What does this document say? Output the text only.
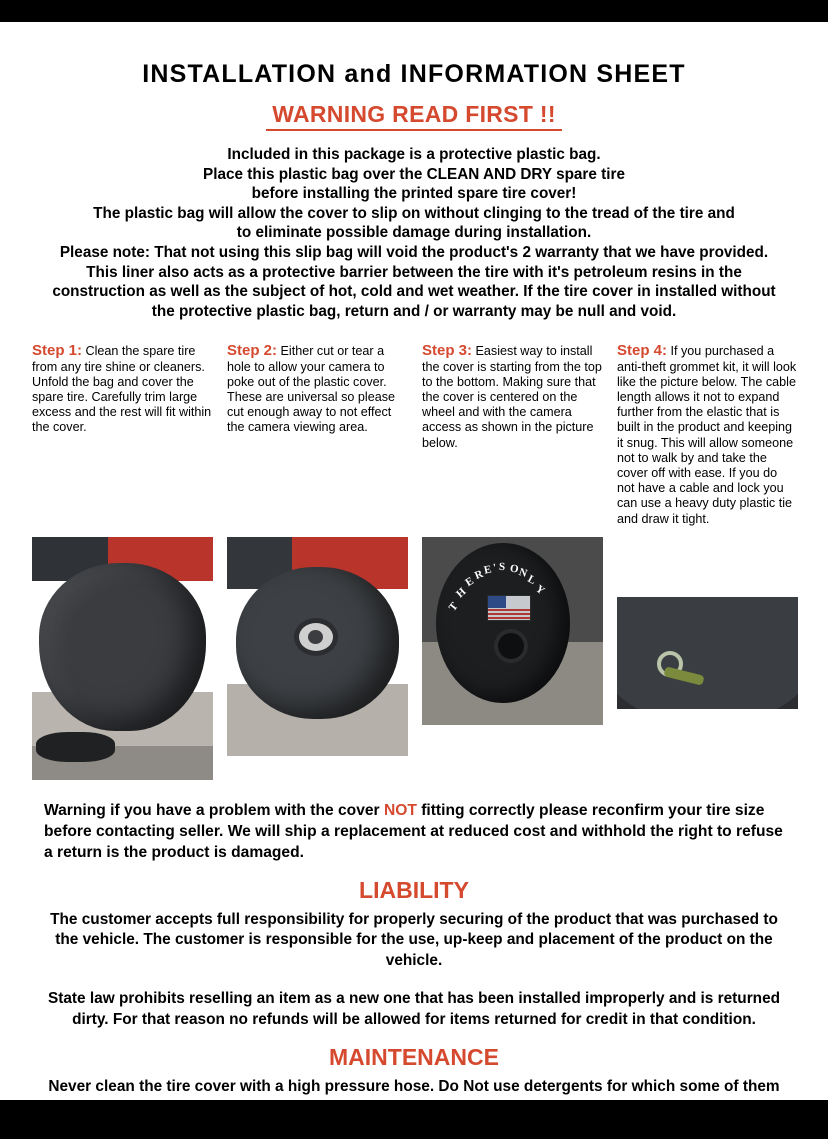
INSTALLATION and INFORMATION SHEET
WARNING READ FIRST !!

Included in this package is a protective plastic bag.

Place this plastic bag over the CLEAN AND DRY spare tire

before installing the printed spare tire cover!

The plastic bag will allow the cover to slip on without clinging to the tread of the tire and

to eliminate possible damage during installation.

Please note: That not using this slip bag will void the product's 2 warranty that we have provided.

This liner also acts as a protective barrier between the tire with it's petroleum resins in the

construction as well as the subject of hot, cold and wet weather. If the tire cover in installed without

the protective plastic bag, return and / or warranty may be null and void.

Step 1: Clean the spare tire from any tire shine or cleaners. Unfold the bag and cover the spare tire. Carefully trim large excess and the rest will fit within the cover.
Step 2: Either cut or tear a hole to allow your camera to poke out of the plastic cover. These are universal so please cut enough away to not effect the camera viewing area.
Step 3: Easiest way to install the cover is starting from the top to the bottom. Making sure that the cover is centered on the wheel and with the camera access as shown in the picture below.
Step 4: If you purchased a anti-theft grommet kit, it will look like the picture below. The cable length allows it not to expand further from the elastic that is built in the product and keeping it snug. This will allow someone not to walk by and take the cover off with ease. If you do not have a cable and lock you can use a heavy duty plastic tie and draw it tight.
T
H
E
R
E ' S O
N
L
Y
Warning if you have a problem with the cover NOT fitting correctly please reconfirm your tire size before contacting seller. We will ship a replacement at reduced cost and withhold the right to refuse a return is the product is damaged.
LIABILITY
The customer accepts full responsibility for properly securing of the product that was purchased to the vehicle. The customer is responsible for the use, up-keep and placement of the product on the vehicle.
State law prohibits reselling an item as a new one that has been installed improperly and is returned dirty. For that reason no refunds will be allowed for items returned for credit in that condition.
MAINTENANCE
Never clean the tire cover with a high pressure hose. Do Not use detergents for which some of them contain thinners and / or cleaners that would damage the print for they will lift and fade the print color, we recommend the Black Magic tire shine.
